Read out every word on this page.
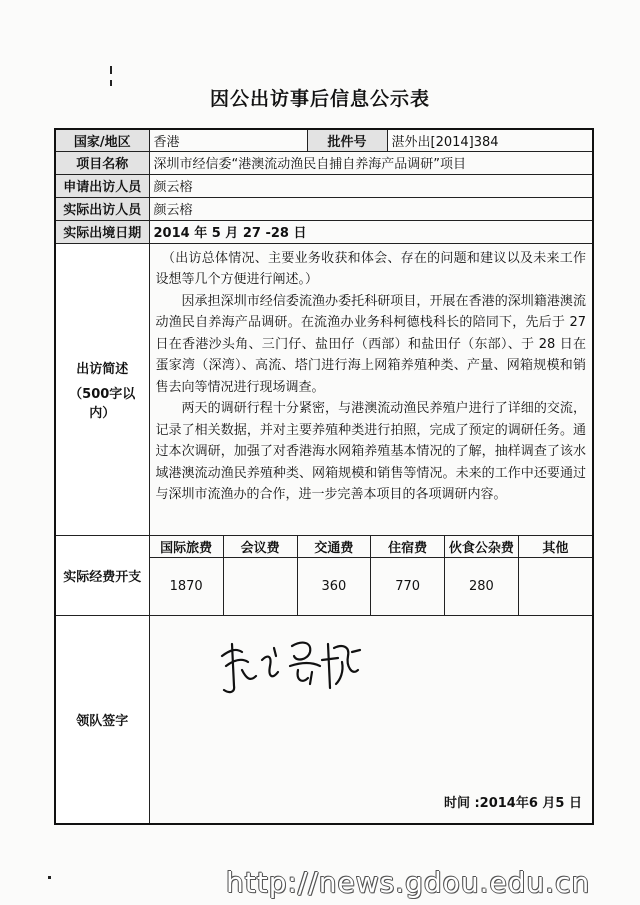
因公出访事后信息公示表
国家/地区	香港	批件号	湛外出[2014]384
项目名称	深圳市经信委“港澳流动渔民自捕自养海产品调研”项目
申请出访人员	颜云榕
实际出访人员	颜云榕
实际出境日期	2014 年 5 月 27 -28 日

出访简述
（500字以内）

（出访总体情况、主要业务收获和体会、存在的问题和建议以及未来工作设想等几个方便进行阐述。）

因承担深圳市经信委流渔办委托科研项目，开展在香港的深圳籍港澳流动渔民自养海产品调研。在流渔办业务科柯德栈科长的陪同下，先后于 27 日在香港沙头角、三门仔、盐田仔（西部）和盐田仔（东部）、于 28 日在蛋家湾（深湾）、高流、塔门进行海上网箱养殖种类、产量、网箱规模和销售去向等情况进行现场调查。

两天的调研行程十分紧密，与港澳流动渔民养殖户进行了详细的交流，记录了相关数据，并对主要养殖种类进行拍照，完成了预定的调研任务。通过本次调研，加强了对香港海水网箱养殖基本情况的了解，抽样调查了该水域港澳流动渔民养殖种类、网箱规模和销售等情况。未来的工作中还要通过与深圳市流渔办的合作，进一步完善本项目的各项调研内容。

实际经费开支	
国际旅费	会议费	交通费	住宿费	伙食公杂费	其他
1870		360	770	280	

领队签字	
时间 :2014年6 月5 日
http://news.gdou.edu.cn
